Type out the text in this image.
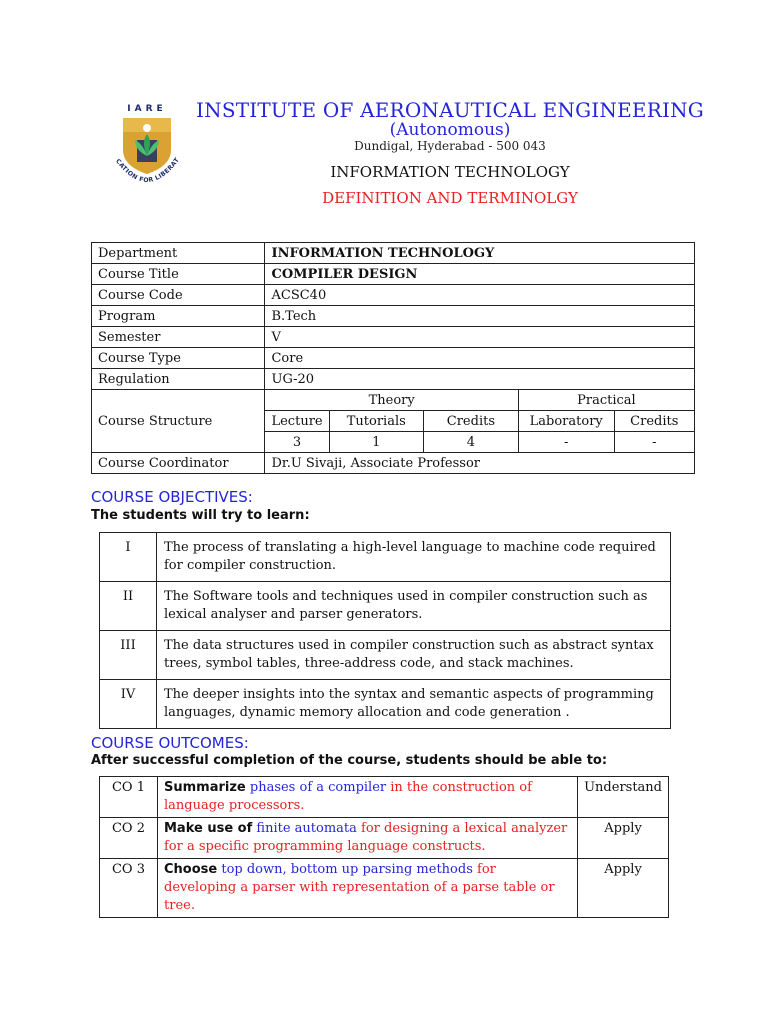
IARE
CATION FOR LIBERAT
INSTITUTE OF AERONAUTICAL ENGINEERING
(Autonomous)
Dundigal, Hyderabad - 500 043
INFORMATION TECHNOLOGY
DEFINITION AND TERMINOLGY
Department	INFORMATION TECHNOLOGY				
Course Title	COMPILER DESIGN				
Course Code	ACSC40				
Program	B.Tech				
Semester	V				
Course Type	Core				
Regulation	UG-20				
Course Structure	Theory			Practical	
	Lecture	Tutorials	Credits	Laboratory	Credits
	3	1	4	-	-
Course Coordinator	Dr.U Sivaji, Associate Professor				
COURSE OBJECTIVES:
The students will try to learn:
I	The process of translating a high-level language to machine code required for compiler construction.
II	The Software tools and techniques used in compiler construction such as lexical analyser and parser generators.
III	The data structures used in compiler construction such as abstract syntax trees, symbol tables, three-address code, and stack machines.
IV	The deeper insights into the syntax and semantic aspects of programming languages, dynamic memory allocation and code generation .
COURSE OUTCOMES:
After successful completion of the course, students should be able to:
CO 1	Summarize phases of a compiler in the construction of language processors.	Understand
CO 2	Make use of finite automata for designing a lexical analyzer for a specific programming language constructs.	Apply
CO 3	Choose top down, bottom up parsing methods for developing a parser with representation of a parse table or tree.	Apply
